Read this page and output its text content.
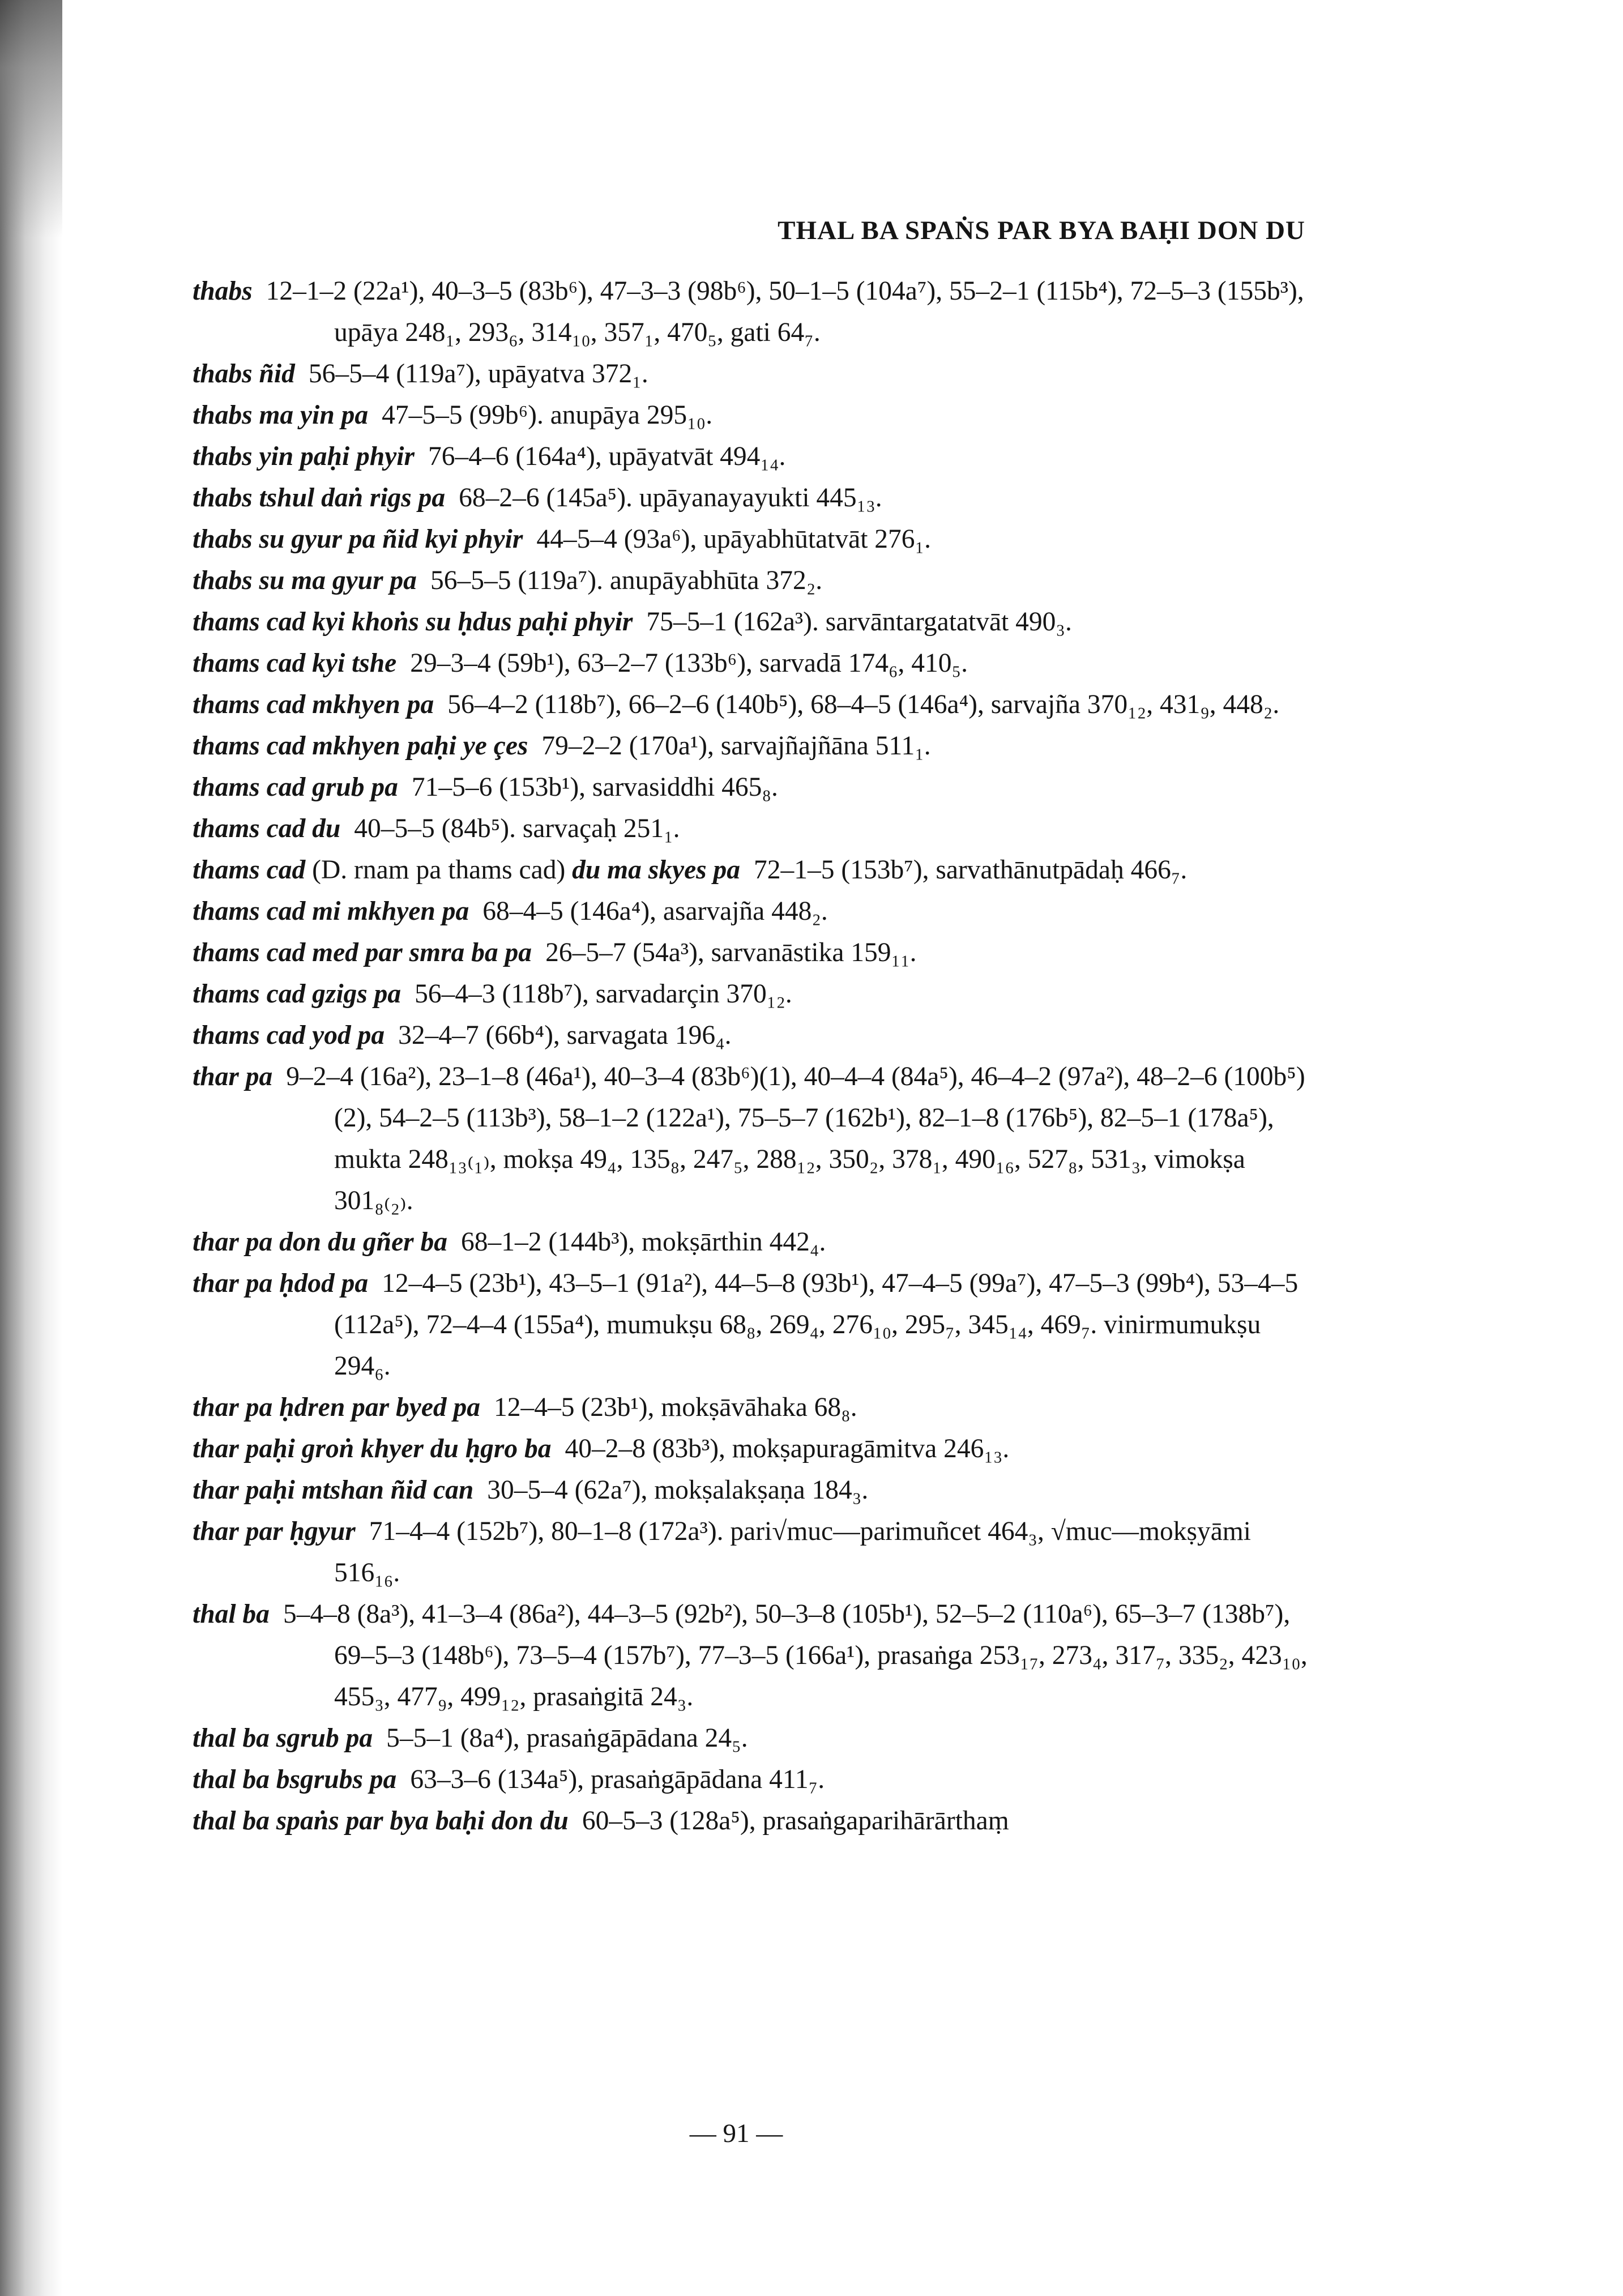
THAL BA SPAṄS PAR BYA BAḤI DON DU

thabs 12–1–2 (22a¹), 40–3–5 (83b⁶), 47–3–3 (98b⁶), 50–1–5 (104a⁷), 55–2–1 (115b⁴), 72–5–3 (155b³), upāya 248₁, 293₆, 314₁₀, 357₁, 470₅, gati 64₇.

thabs ñid 56–5–4 (119a⁷), upāyatva 372₁.

thabs ma yin pa 47–5–5 (99b⁶). anupāya 295₁₀.

thabs yin paḥi phyir 76–4–6 (164a⁴), upāyatvāt 494₁₄.

thabs tshul daṅ rigs pa 68–2–6 (145a⁵). upāyanayayukti 445₁₃.

thabs su gyur pa ñid kyi phyir 44–5–4 (93a⁶), upāyabhūtatvāt 276₁.

thabs su ma gyur pa 56–5–5 (119a⁷). anupāyabhūta 372₂.

thams cad kyi khoṅs su ḥdus paḥi phyir 75–5–1 (162a³). sarvāntargatatvāt 490₃.

thams cad kyi tshe 29–3–4 (59b¹), 63–2–7 (133b⁶), sarvadā 174₆, 410₅.

thams cad mkhyen pa 56–4–2 (118b⁷), 66–2–6 (140b⁵), 68–4–5 (146a⁴), sarvajña 370₁₂, 431₉, 448₂.

thams cad mkhyen paḥi ye çes 79–2–2 (170a¹), sarvajñajñāna 511₁.

thams cad grub pa 71–5–6 (153b¹), sarvasiddhi 465₈.

thams cad du 40–5–5 (84b⁵). sarvaçaḥ 251₁.

thams cad (D. rnam pa thams cad) du ma skyes pa 72–1–5 (153b⁷), sarvathānutpādaḥ 466₇.

thams cad mi mkhyen pa 68–4–5 (146a⁴), asarvajña 448₂.

thams cad med par smra ba pa 26–5–7 (54a³), sarvanāstika 159₁₁.

thams cad gzigs pa 56–4–3 (118b⁷), sarvadarçin 370₁₂.

thams cad yod pa 32–4–7 (66b⁴), sarvagata 196₄.

thar pa 9–2–4 (16a²), 23–1–8 (46a¹), 40–3–4 (83b⁶)(1), 40–4–4 (84a⁵), 46–4–2 (97a²), 48–2–6 (100b⁵)(2), 54–2–5 (113b³), 58–1–2 (122a¹), 75–5–7 (162b¹), 82–1–8 (176b⁵), 82–5–1 (178a⁵), mukta 248₁₃₍₁₎, mokṣa 49₄, 135₈, 247₅, 288₁₂, 350₂, 378₁, 490₁₆, 527₈, 531₃, vimokṣa 301₈₍₂₎.

thar pa don du gñer ba 68–1–2 (144b³), mokṣārthin 442₄.

thar pa ḥdod pa 12–4–5 (23b¹), 43–5–1 (91a²), 44–5–8 (93b¹), 47–4–5 (99a⁷), 47–5–3 (99b⁴), 53–4–5 (112a⁵), 72–4–4 (155a⁴), mumukṣu 68₈, 269₄, 276₁₀, 295₇, 345₁₄, 469₇. vinirmumukṣu 294₆.

thar pa ḥdren par byed pa 12–4–5 (23b¹), mokṣāvāhaka 68₈.

thar paḥi groṅ khyer du ḥgro ba 40–2–8 (83b³), mokṣapuragāmitva 246₁₃.

thar paḥi mtshan ñid can 30–5–4 (62a⁷), mokṣalakṣaṇa 184₃.

thar par ḥgyur 71–4–4 (152b⁷), 80–1–8 (172a³). pari√muc—parimuñcet 464₃, √muc—mokṣyāmi 516₁₆.

thal ba 5–4–8 (8a³), 41–3–4 (86a²), 44–3–5 (92b²), 50–3–8 (105b¹), 52–5–2 (110a⁶), 65–3–7 (138b⁷), 69–5–3 (148b⁶), 73–5–4 (157b⁷), 77–3–5 (166a¹), prasaṅga 253₁₇, 273₄, 317₇, 335₂, 423₁₀, 455₃, 477₉, 499₁₂, prasaṅgitā 24₃.

thal ba sgrub pa 5–5–1 (8a⁴), prasaṅgāpādana 24₅.

thal ba bsgrubs pa 63–3–6 (134a⁵), prasaṅgāpādana 411₇.

thal ba spaṅs par bya baḥi don du 60–5–3 (128a⁵), prasaṅgaparihārārthaṃ

— 91 —
